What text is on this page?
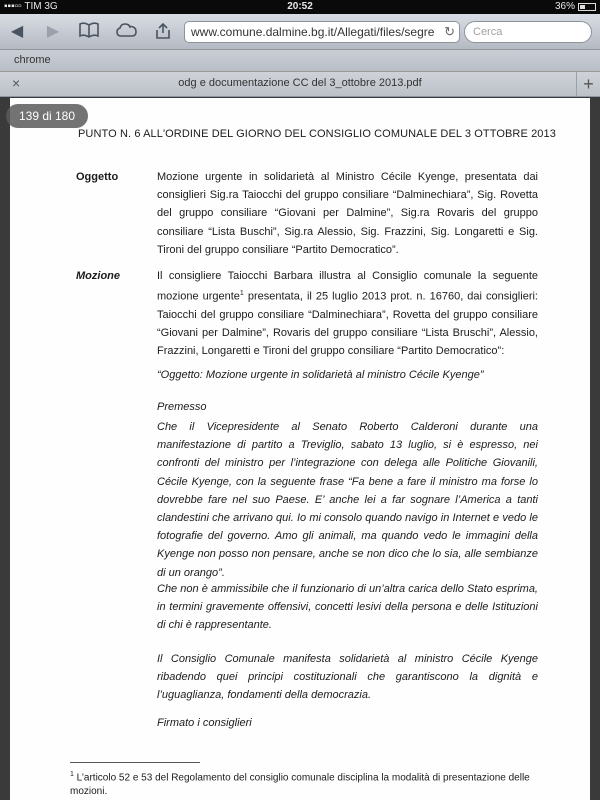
▪▪▪▫▫ TIM 3G	20:52	36%
◀	▶	www.comune.dalmine.bg.it/Allegati/files/segre ↻	Cerca
chrome
×	odg e documentazione CC del 3_ottobre 2013.pdf	+
139 di 180
PUNTO N. 6 ALL'ORDINE DEL GIORNO DEL CONSIGLIO COMUNALE DEL 3 OTTOBRE 2013
Oggetto	Mozione urgente in solidarietà al Ministro Cécile Kyenge, presentata dai consiglieri Sig.ra Taiocchi del gruppo consiliare “Dalminechiara”, Sig. Rovetta del gruppo consiliare “Giovani per Dalmine”, Sig.ra Rovaris del gruppo consiliare “Lista Buschi”, Sig.ra Alessio, Sig. Frazzini, Sig. Longaretti e Sig. Tironi del gruppo consiliare “Partito Democratico”.
Mozione	Il consigliere Taiocchi Barbara illustra al Consiglio comunale la seguente mozione urgente$^1$ presentata, il 25 luglio 2013 prot. n. 16760, dai consiglieri: Taiocchi del gruppo consiliare “Dalminechiara”, Rovetta del gruppo consiliare “Giovani per Dalmine”, Rovaris del gruppo consiliare “Lista Bruschi”, Alessio, Frazzini, Longaretti e Tironi del gruppo consiliare “Partito Democratico”:
“Oggetto: Mozione urgente in solidarietà al ministro Cécile Kyenge”
Premesso
Che il Vicepresidente al Senato Roberto Calderoni durante una manifestazione di partito a Treviglio, sabato 13 luglio, si è espresso, nei confronti del ministro per l’integrazione con delega alle Politiche Giovanili, Cécile Kyenge, con la seguente frase “Fa bene a fare il ministro ma forse lo dovrebbe fare nel suo Paese. E’ anche lei a far sognare l’America a tanti clandestini che arrivano qui. Io mi consolo quando navigo in Internet e vedo le fotografie del governo. Amo gli animali, ma quando vedo le immagini della Kyenge non posso non pensare, anche se non dico che lo sia, alle sembianze di un orango”.
Che non è ammissibile che il funzionario di un’altra carica dello Stato esprima, in termini gravemente offensivi, concetti lesivi della persona e delle Istituzioni di chi è rappresentante.
Il Consiglio Comunale manifesta solidarietà al ministro Cécile Kyenge ribadendo quei principi costituzionali che garantiscono la dignità e l’uguaglianza, fondamenti della democrazia.
Firmato i consiglieri
$^1$ L’articolo 52 e 53 del Regolamento del consiglio comunale disciplina la modalità di presentazione delle mozioni.
